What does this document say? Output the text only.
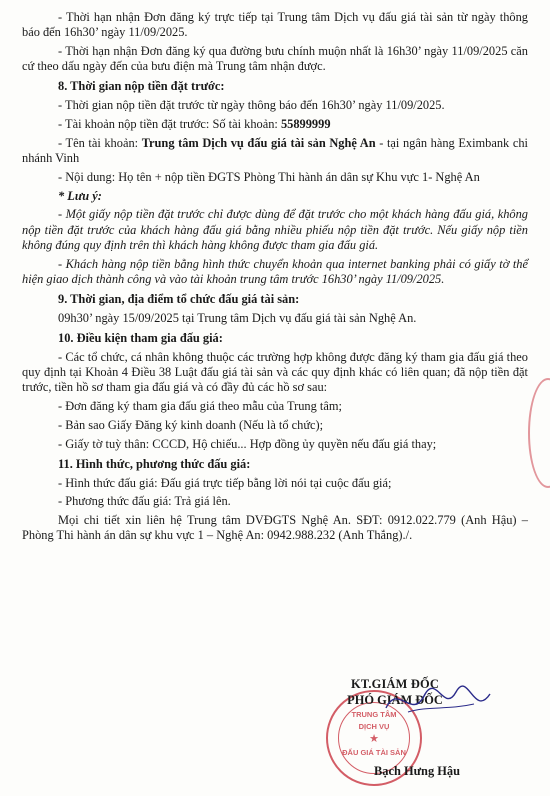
- Thời hạn nhận Đơn đăng ký trực tiếp tại Trung tâm Dịch vụ đấu giá tài sản từ ngày thông báo đến 16h30’ ngày 11/09/2025.

- Thời hạn nhận Đơn đăng ký qua đường bưu chính muộn nhất là 16h30’ ngày 11/09/2025 căn cứ theo dấu ngày đến của bưu điện mà Trung tâm nhận được.

8. Thời gian nộp tiền đặt trước:

- Thời gian nộp tiền đặt trước từ ngày thông báo đến 16h30’ ngày 11/09/2025.

- Tài khoản nộp tiền đặt trước: Số tài khoản: 55899999

- Tên tài khoản: Trung tâm Dịch vụ đấu giá tài sản Nghệ An - tại ngân hàng Eximbank chi nhánh Vinh

- Nội dung: Họ tên + nộp tiền ĐGTS Phòng Thi hành án dân sự Khu vực 1- Nghệ An

* Lưu ý:

- Một giấy nộp tiền đặt trước chỉ được dùng để đặt trước cho một khách hàng đấu giá, không nộp tiền đặt trước của khách hàng đấu giá bằng nhiều phiếu nộp tiền đặt trước. Nếu giấy nộp tiền không đúng quy định trên thì khách hàng không được tham gia đấu giá.

- Khách hàng nộp tiền bằng hình thức chuyển khoản qua internet banking phải có giấy tờ thể hiện giao dịch thành công và vào tài khoản trung tâm trước 16h30’ ngày 11/09/2025.

9. Thời gian, địa điểm tổ chức đấu giá tài sản:

09h30’ ngày 15/09/2025 tại Trung tâm Dịch vụ đấu giá tài sản Nghệ An.

10. Điều kiện tham gia đấu giá:

- Các tổ chức, cá nhân không thuộc các trường hợp không được đăng ký tham gia đấu giá theo quy định tại Khoản 4 Điều 38 Luật đấu giá tài sản và các quy định khác có liên quan; đã nộp tiền đặt trước, tiền hồ sơ tham gia đấu giá và có đầy đủ các hồ sơ sau:

- Đơn đăng ký tham gia đấu giá theo mẫu của Trung tâm;

- Bản sao Giấy Đăng ký kinh doanh (Nếu là tổ chức);

- Giấy tờ tuỳ thân: CCCD, Hộ chiếu... Hợp đồng ủy quyền nếu đấu giá thay;

11. Hình thức, phương thức đấu giá:

- Hình thức đấu giá: Đấu giá trực tiếp bằng lời nói tại cuộc đấu giá;

- Phương thức đấu giá: Trả giá lên.

Mọi chi tiết xin liên hệ Trung tâm DVĐGTS Nghệ An. SĐT: 0912.022.779 (Anh Hậu) – Phòng Thi hành án dân sự khu vực 1 – Nghệ An: 0942.988.232 (Anh Thắng)./.

TRUNG TÂM
DỊCH VỤ
★
ĐẤU GIÁ TÀI SẢN
KT.GIÁM ĐỐC
PHÓ GIÁM ĐỐC
Bạch Hưng Hậu
